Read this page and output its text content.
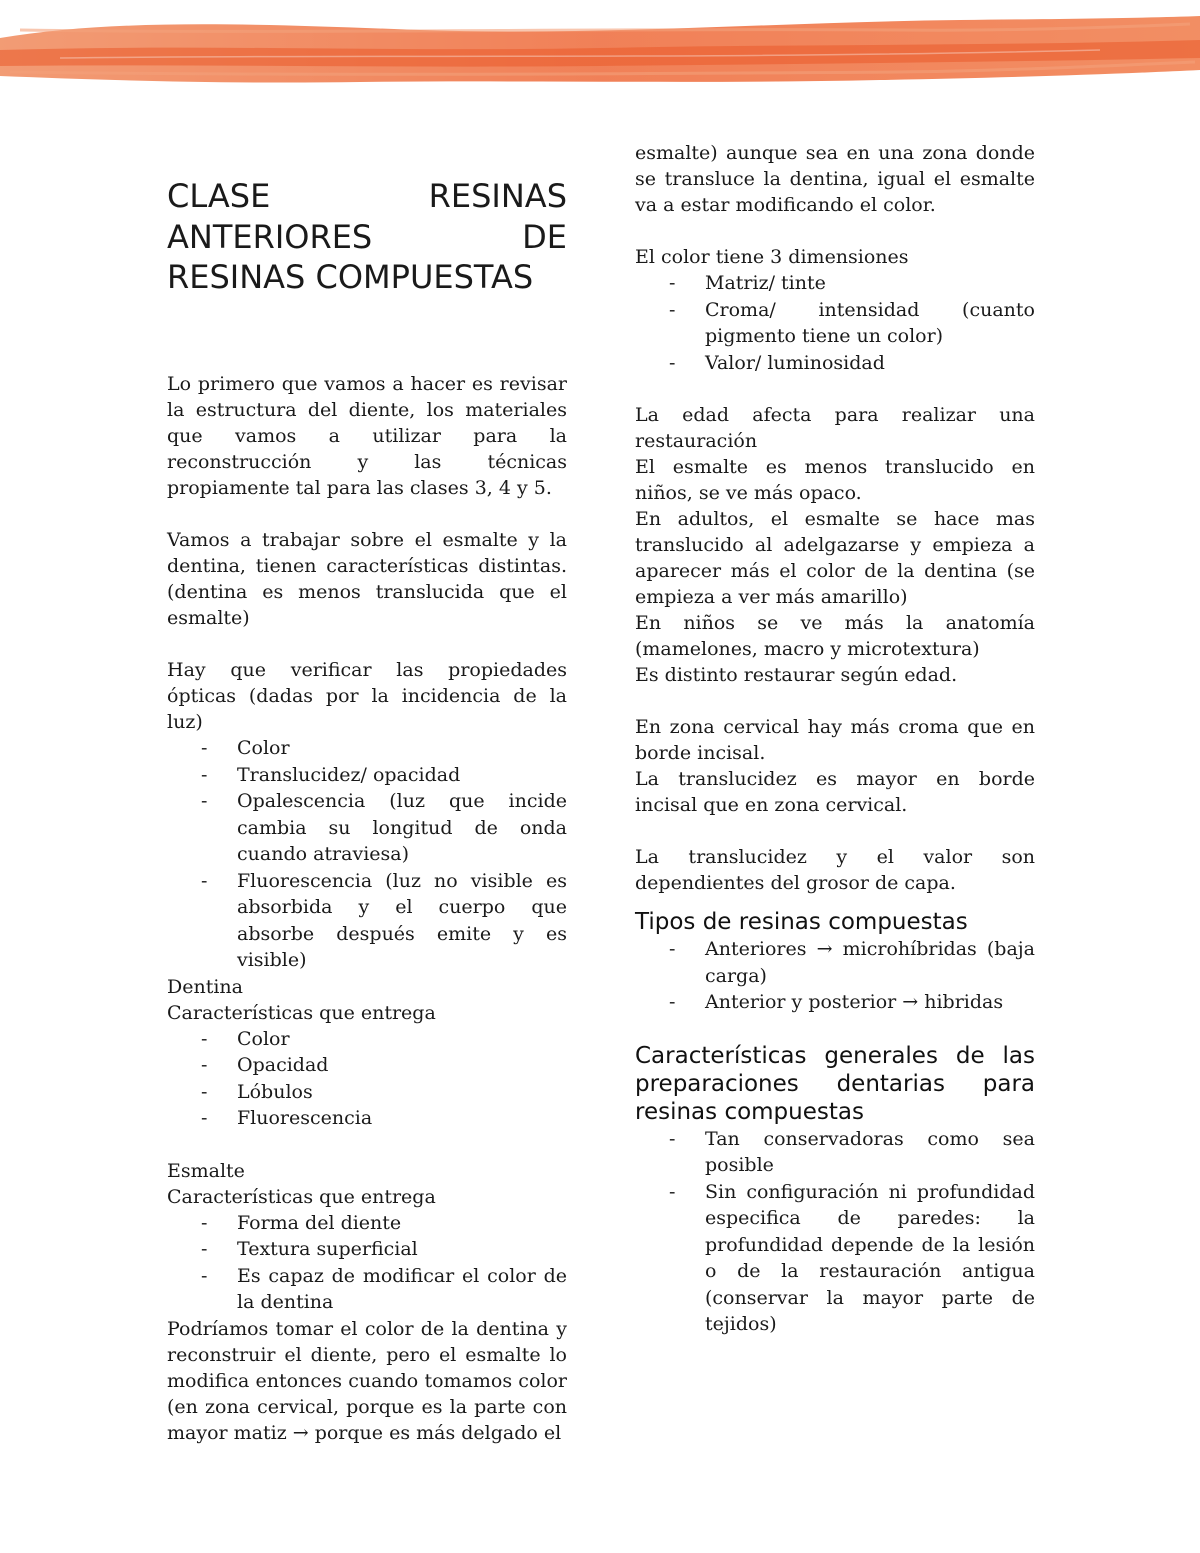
CLASE RESINAS ANTERIORES DE RESINAS COMPUESTAS

Lo primero que vamos a hacer es revisar la estructura del diente, los materiales que vamos a utilizar para la reconstrucción y las técnicas propiamente tal para las clases 3, 4 y 5.

Vamos a trabajar sobre el esmalte y la dentina, tienen características distintas. (dentina es menos translucida que el esmalte)

Hay que verificar las propiedades ópticas (dadas por la incidencia de la luz)

- Color
- Translucidez/ opacidad
- Opalescencia (luz que incide cambia su longitud de onda cuando atraviesa)
- Fluorescencia (luz no visible es absorbida y el cuerpo que absorbe después emite y es visible)

Dentina

Características que entrega

- Color
- Opacidad
- Lóbulos
- Fluorescencia

Esmalte

Características que entrega

- Forma del diente
- Textura superficial
- Es capaz de modificar el color de la dentina

Podríamos tomar el color de la dentina y reconstruir el diente, pero el esmalte lo modifica entonces cuando tomamos color (en zona cervical, porque es la parte con mayor matiz → porque es más delgado el

esmalte) aunque sea en una zona donde se transluce la dentina, igual el esmalte va a estar modificando el color.

El color tiene 3 dimensiones

- Matriz/ tinte
- Croma/ intensidad (cuanto pigmento tiene un color)
- Valor/ luminosidad

La edad afecta para realizar una restauración

El esmalte es menos translucido en niños, se ve más opaco.

En adultos, el esmalte se hace mas translucido al adelgazarse y empieza a aparecer más el color de la dentina (se empieza a ver más amarillo)

En niños se ve más la anatomía (mamelones, macro y microtextura)

Es distinto restaurar según edad.

En zona cervical hay más croma que en borde incisal.

La translucidez es mayor en borde incisal que en zona cervical.

La translucidez y el valor son dependientes del grosor de capa.

Tipos de resinas compuestas
- Anteriores → microhíbridas (baja carga)
- Anterior y posterior → hibridas
Características generales de las preparaciones dentarias para resinas compuestas
- Tan conservadoras como sea posible
- Sin configuración ni profundidad especifica de paredes: la profundidad depende de la lesión o de la restauración antigua (conservar la mayor parte de tejidos)
